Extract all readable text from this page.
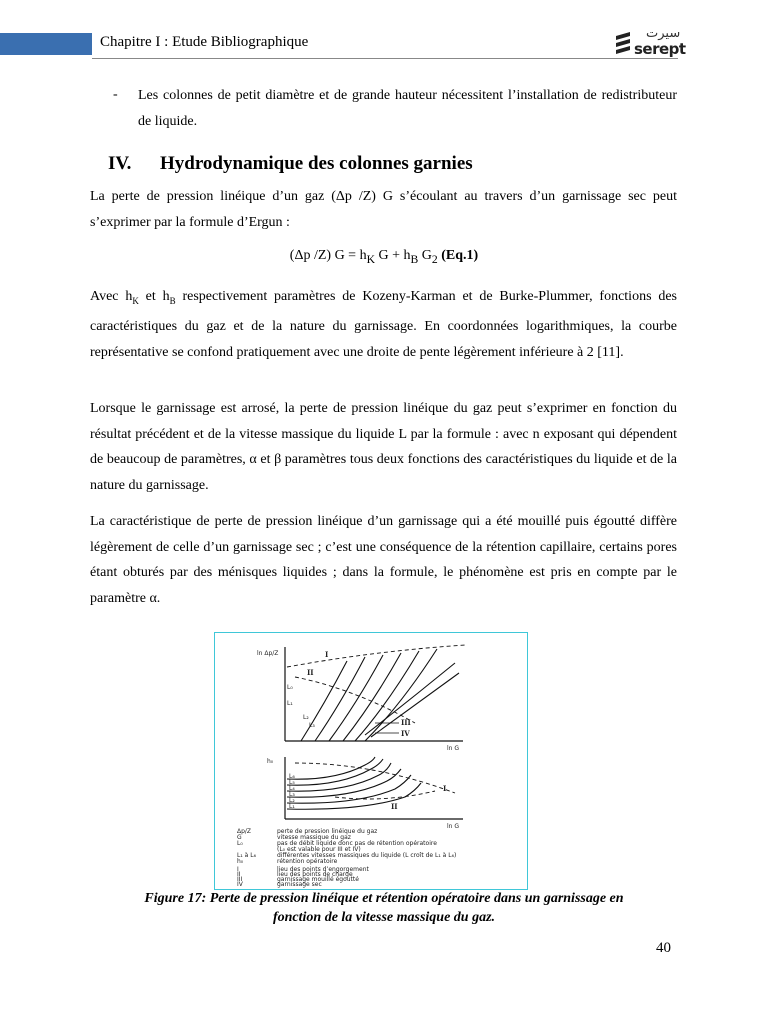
Chapitre I : Etude Bibliographique
سيرت
serept
- Les colonnes de petit diamètre et de grande hauteur nécessitent l’installation de redistributeur de liquide.
IV. Hydrodynamique des colonnes garnies
La perte de pression linéique d’un gaz (Δp /Z) G s’écoulant au travers d’un garnissage sec peut s’exprimer par la formule d’Ergun :
(Δp /Z) $G = h_K$ $G + h_B$ $G_2$ (Eq.1)
Avec $h_K$ et $h_B$ respectivement paramètres de Kozeny-Karman et de Burke-Plummer, fonctions des caractéristiques du gaz et de la nature du garnissage. En coordonnées logarithmiques, la courbe représentative se confond pratiquement avec une droite de pente légèrement inférieure à 2 [11].
Lorsque le garnissage est arrosé, la perte de pression linéique du gaz peut s’exprimer en fonction du résultat précédent et de la vitesse massique du liquide L par la formule : avec n exposant qui dépendent de beaucoup de paramètres, α et β paramètres tous deux fonctions des caractéristiques du liquide et de la nature du garnissage.
La caractéristique de perte de pression linéique d’un garnissage qui a été mouillé puis égoutté diffère légèrement de celle d’un garnissage sec ; c’est une conséquence de la rétention capillaire, certains pores étant obturés par des ménisques liquides ; dans la formule, le phénomène est pris en compte par le paramètre α.
ln Δp/Z
ln G
I
II
L₀
L₁
L₂
L₃	III
IV
h₀
ln G
L₆
L₅
L₄
L₃
L₂
L₁
I
II
Δp/Z	perte de pression linéique du gaz
G	vitesse massique du gaz
L₀	pas de débit liquide donc pas de rétention opératoire
(L₀ est valable pour III et IV)
L₁ à L₆	différentes vitesses massiques du liquide (L croît de L₁ à L₆)
h₀	rétention opératoire
I	lieu des points d’engorgement
II	lieu des points de charge
III	garnissage mouillé égoutté
IV	garnissage sec
Figure 17: Perte de pression linéique et rétention opératoire dans un garnissage en
fonction de la vitesse massique du gaz.
40
